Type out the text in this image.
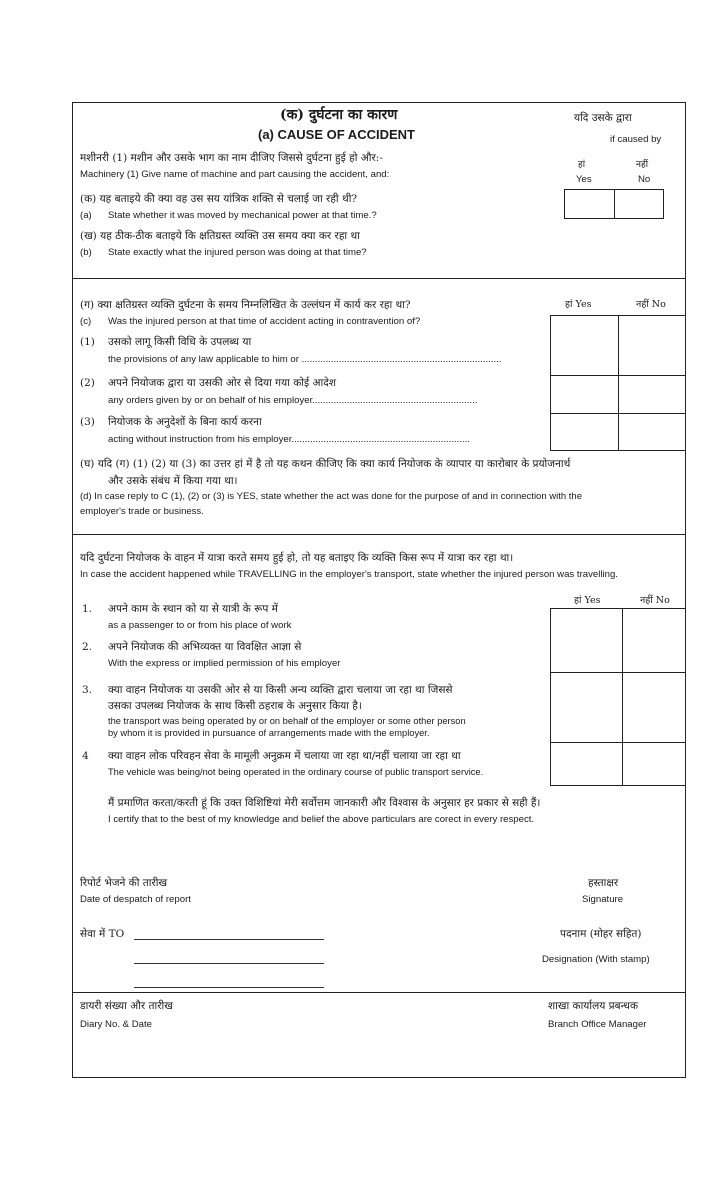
(क) दुर्घटना का कारण
(a) CAUSE OF ACCIDENT
यदि उसके द्वारा
if caused by
हां	नहीं
Yes	No
मशीनरी (1) मशीन और उसके भाग का नाम दीजिए जिससे दुर्घटना हुई हो और:-
Machinery (1) Give name of machine and part causing the accident, and:
(क) यह बताइये की क्या वह उस सय यांत्रिक शक्ति से चलाई जा रही थी?
(a) State whether it was moved by mechanical power at that time.?
(ख) यह ठीक-ठीक बताइये कि क्षतिग्रस्त व्यक्ति उस समय क्या कर रहा था
(b) State exactly what the injured person was doing at that time?
(ग) क्या क्षतिग्रस्त व्यक्ति दुर्घटना के समय निम्नलिखित के उल्लंघन में कार्य कर रहा था?
(c) Was the injured person at that time of accident acting in contravention of?
हां Yes	नहीं No
(1) उसको लागू किसी विधि के उपलब्ध या
the provisions of any law applicable to him or ...........................................................................
(2) अपने नियोजक द्वारा या उसकी ओर से दिया गया कोई आदेश
any orders given by or on behalf of his employer..............................................................
(3) नियोजक के अनुदेशों के बिना कार्य करना
acting without instruction from his employer...................................................................
(घ) यदि (ग) (1) (2) या (3) का उत्तर हां में है तो यह कथन कीजिए कि क्या कार्य नियोजक के व्यापार या कारोबार के प्रयोजनार्थ
और उसके संबंध में किया गया था।
(d) In case reply to C (1), (2) or (3) is YES, state whether the act was done for the purpose of and in connection with the
employer's trade or business.
यदि दुर्घटना नियोजक के वाहन में यात्रा करते समय हुई हो, तो यह बताइए कि व्यक्ति किस रूप में यात्रा कर रहा था।
In case the accident happened while TRAVELLING in the employer's transport, state whether the injured person was travelling.
हां Yes	नहीं No
1. अपने काम के स्थान को या से यात्री के रूप में
as a passenger to or from his place of work
2. अपने नियोजक की अभिव्यक्त या विवक्षित आज्ञा से
With the express or implied permission of his employer
3. क्या वाहन नियोजक या उसकी ओर से या किसी अन्य व्यक्ति द्वारा चलाया जा रहा था जिससे
उसका उपलब्ध नियोजक के साथ किसी ठहराब के अनुसार किया है।
the transport was being operated by or on behalf of the employer or some other person
by whom it is provided in pursuance of arrangements made with the employer.
4 क्या वाहन लोक परिवहन सेवा के मामूली अनुक्रम में चलाया जा रहा था/नहीं चलाया जा रहा था
The vehicle was being/not being operated in the ordinary course of public transport service.
मैं प्रमाणित करता/करती हूं कि उक्त विशिष्टियां मेरी सर्वोत्तम जानकारी और विश्वास के अनुसार हर प्रकार से सही हैं।
I certify that to the best of my knowledge and belief the above particulars are corect in every respect.
रिपोर्ट भेजने की तारीख
Date of despatch of report
हस्ताक्षर
Signature
सेवा में TO	पदनाम (मोहर सहित)
Designation (With stamp)
डायरी संख्या और तारीख
Diary No. & Date
शाखा कार्यालय प्रबन्धक
Branch Office Manager
